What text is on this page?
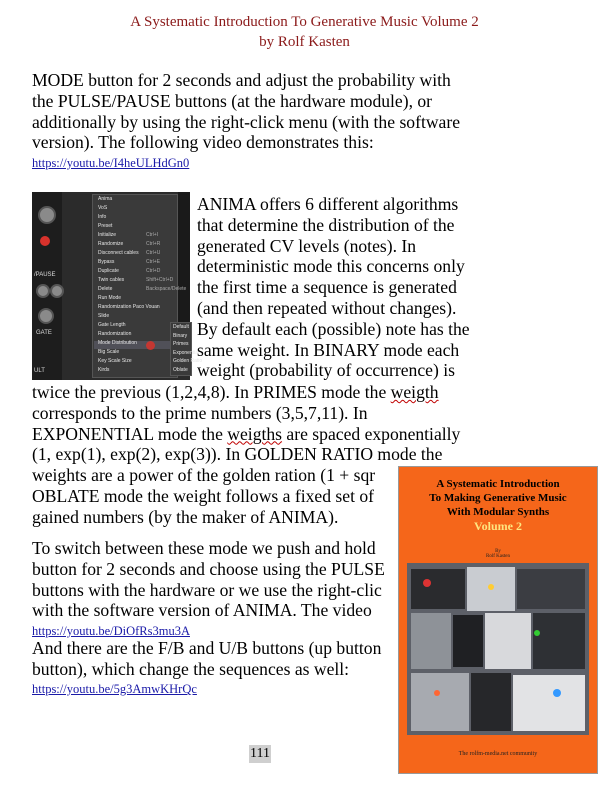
A Systematic Introduction To Generative Music Volume 2
by Rolf Kasten
MODE button for 2 seconds and adjust the probability with
the PULSE/PAUSE buttons (at the hardware module), or
additionally by using the right-click menu (with the software
version). The following video demonstrates this:
https://youtu.be/I4heULHdGn0
/PAUSE
GATE
ULT
Anima
VoS
Info
Preset
Initialize
Randomize
Disconnect cables
Bypass
Duplicate
Twin cables
Delete
Run Mode
Randomization Paco Vouan
Slide
Gate Length
Randomization
Mode Distribution
Big Scale
Key Scale Size
Kirds
Ctrl+I
Ctrl+R
Ctrl+U
Ctrl+E
Ctrl+D
Shift+Ctrl+D
Backspace/Delete
Default
Binary
Primes
Exponential
Golden Ratio
Oblate
ANIMA offers 6 different algorithms
that determine the distribution of the
generated CV levels (notes). In
deterministic mode this concerns only
the first time a sequence is generated
(and then repeated without changes).
By default each (possible) note has the
same weight. In BINARY mode each
weight (probability of occurrence) is
twice the previous (1,2,4,8). In PRIMES mode the weigth
corresponds to the prime numbers (3,5,7,11). In
EXPONENTIAL mode the weigths are spaced exponentially
(1, exp(1), exp(2), exp(3)). In GOLDEN RATIO mode the
weights are a power of the golden ration (1 + sqr
OBLATE mode the weight follows a fixed set of
gained numbers (by the maker of ANIMA).
To switch between these mode we push and hold
button for 2 seconds and choose using the PULSE
buttons with the hardware or we use the right-clic
with the software version of ANIMA. The video
https://youtu.be/DiOfRs3mu3A
And there are the F/B and U/B buttons (up button
button), which change the sequences as well:
https://youtu.be/5g3AmwKHrQc
A Systematic Introduction
To Making Generative Music
With Modular Synths
Volume 2
By
Rolf Kasten
The rolfm-media.net community
111
